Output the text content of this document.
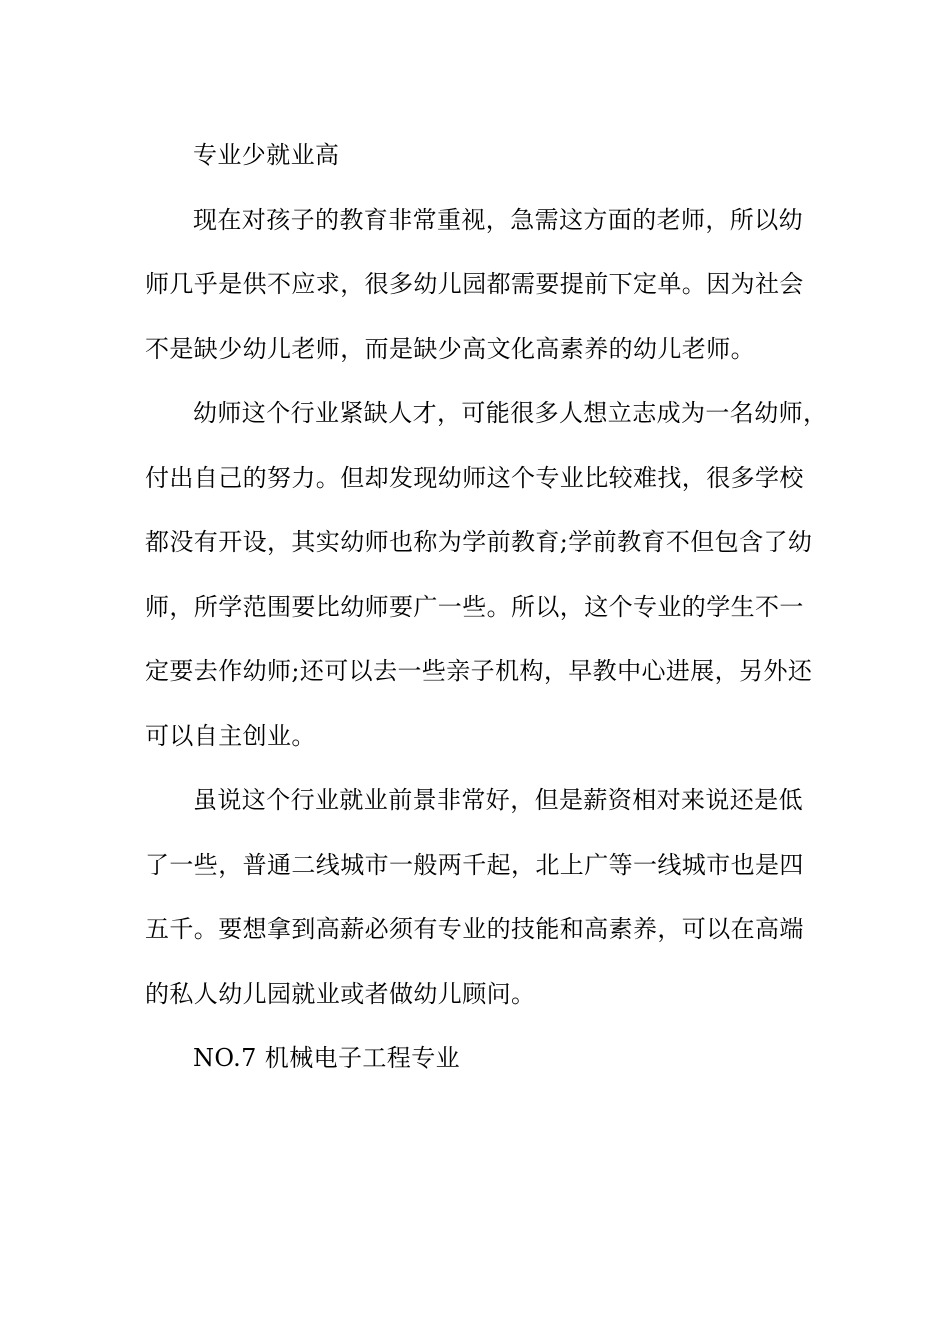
专业少就业高

现在对孩子的教育非常重视，急需这方面的老师，所以幼
师几乎是供不应求，很多幼儿园都需要提前下定单。因为社会
不是缺少幼儿老师，而是缺少高文化高素养的幼儿老师。

幼师这个行业紧缺人才，可能很多人想立志成为一名幼师，
付出自己的努力。但却发现幼师这个专业比较难找，很多学校
都没有开设，其实幼师也称为学前教育;学前教育不但包含了幼
师，所学范围要比幼师要广一些。所以，这个专业的学生不一
定要去作幼师;还可以去一些亲子机构，早教中心进展，另外还
可以自主创业。

虽说这个行业就业前景非常好，但是薪资相对来说还是低
了一些，普通二线城市一般两千起，北上广等一线城市也是四
五千。要想拿到高薪必须有专业的技能和高素养，可以在高端
的私人幼儿园就业或者做幼儿顾问。

NO.7 机械电子工程专业
